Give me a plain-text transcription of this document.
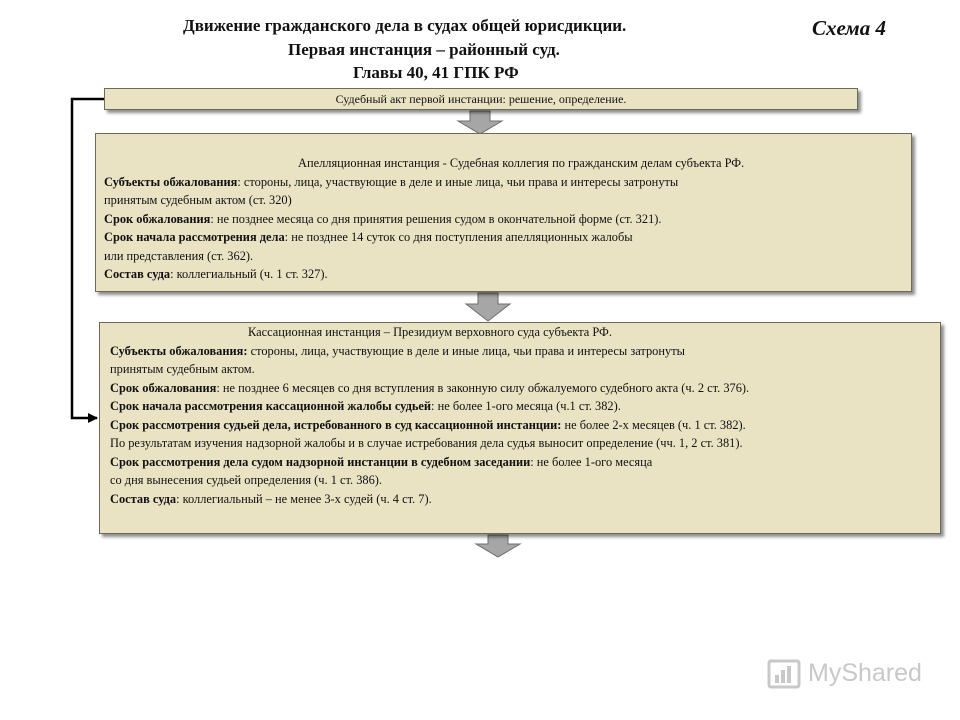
Движение гражданского дела в судах общей юрисдикции.
Первая инстанция – районный суд.
Главы 40, 41 ГПК РФ
Схема 4
Судебный акт первой инстанции: решение, определение.
Апелляционная инстанция - Судебная коллегия по гражданским делам субъекта РФ.
Субъекты обжалования: стороны, лица, участвующие в деле и иные лица, чьи права и интересы затронуты
принятым судебным актом (ст. 320)
Срок обжалования: не позднее месяца со дня принятия решения судом в окончательной форме (ст. 321).
Срок начала рассмотрения дела: не позднее 14 суток со дня поступления апелляционных жалобы
или представления (ст. 362).
Состав суда: коллегиальный (ч. 1 ст. 327).
Кассационная инстанция – Президиум верховного суда субъекта РФ.
Субъекты обжалования: стороны, лица, участвующие в деле и иные лица, чьи права и интересы затронуты
принятым судебным актом.
Срок обжалования: не позднее 6 месяцев со дня вступления в законную силу обжалуемого судебного акта (ч. 2 ст. 376).
Срок начала рассмотрения кассационной жалобы судьей: не более 1-ого месяца (ч.1 ст. 382).
Срок рассмотрения судьей дела, истребованного в суд кассационной инстанции: не более 2-х месяцев (ч. 1 ст. 382).
По результатам изучения надзорной жалобы и в случае истребования дела судья выносит определение (чч. 1, 2 ст. 381).
Срок рассмотрения дела судом надзорной инстанции в судебном заседании: не более 1-ого месяца
со дня вынесения судьей определения (ч. 1 ст. 386).
Состав суда: коллегиальный – не менее 3-х судей (ч. 4 ст. 7).
MyShared
